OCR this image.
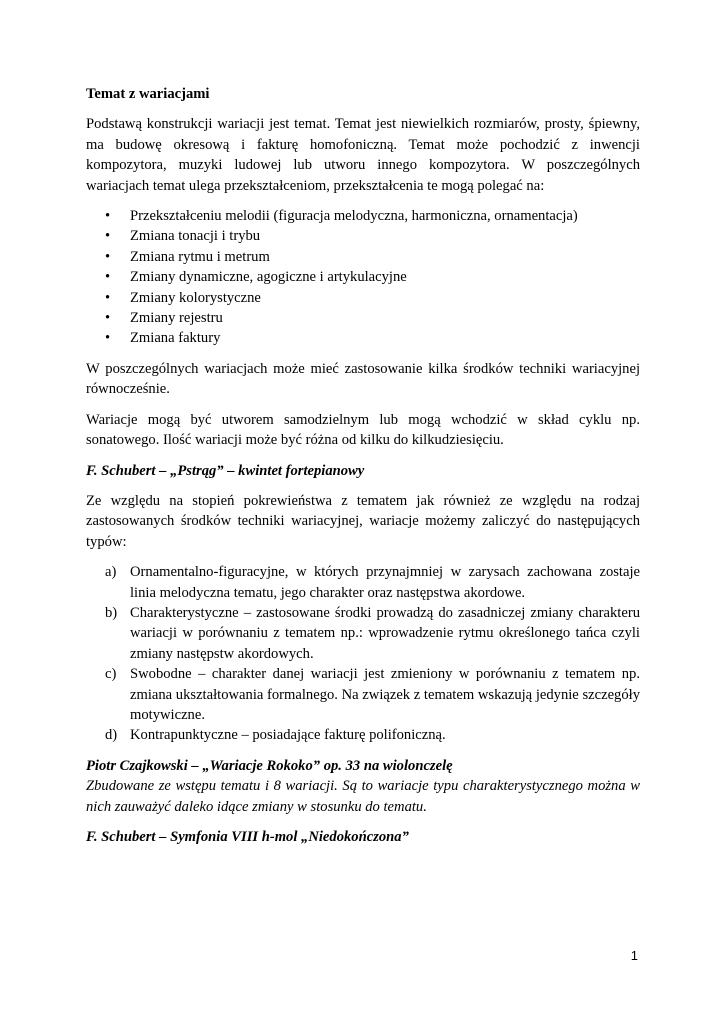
Temat z wariacjami

Podstawą konstrukcji wariacji jest temat. Temat jest niewielkich rozmiarów, prosty, śpiewny, ma budowę okresową i fakturę homofoniczną. Temat może pochodzić z inwencji kompozytora, muzyki ludowej lub utworu innego kompozytora. W poszczególnych wariacjach temat ulega przekształceniom, przekształcenia te mogą polegać na:

• Przekształceniu melodii (figuracja melodyczna, harmoniczna, ornamentacja)
• Zmiana tonacji i trybu
• Zmiana rytmu i metrum
• Zmiany dynamiczne, agogiczne i artykulacyjne
• Zmiany kolorystyczne
• Zmiany rejestru
• Zmiana faktury

W poszczególnych wariacjach może mieć zastosowanie kilka środków techniki wariacyjnej równocześnie.

Wariacje mogą być utworem samodzielnym lub mogą wchodzić w skład cyklu np. sonatowego. Ilość wariacji może być różna od kilku do kilkudziesięciu.

F. Schubert – „Pstrąg” – kwintet fortepianowy

Ze względu na stopień pokrewieństwa z tematem jak również ze względu na rodzaj zastosowanych środków techniki wariacyjnej, wariacje możemy zaliczyć do następujących typów:

a) Ornamentalno-figuracyjne, w których przynajmniej w zarysach zachowana zostaje linia melodyczna tematu, jego charakter oraz następstwa akordowe.
b) Charakterystyczne – zastosowane środki prowadzą do zasadniczej zmiany charakteru wariacji w porównaniu z tematem np.: wprowadzenie rytmu określonego tańca czyli zmiany następstw akordowych.
c) Swobodne – charakter danej wariacji jest zmieniony w porównaniu z tematem np. zmiana ukształtowania formalnego. Na związek z tematem wskazują jedynie szczegóły motywiczne.
d) Kontrapunktyczne – posiadające fakturę polifoniczną.

Piotr Czajkowski – „Wariacje Rokoko” op. 33 na wiolonczelę

Zbudowane ze wstępu tematu i 8 wariacji. Są to wariacje typu charakterystycznego można w nich zauważyć daleko idące zmiany w stosunku do tematu.

F. Schubert – Symfonia VIII h-mol „Niedokończona”

1
